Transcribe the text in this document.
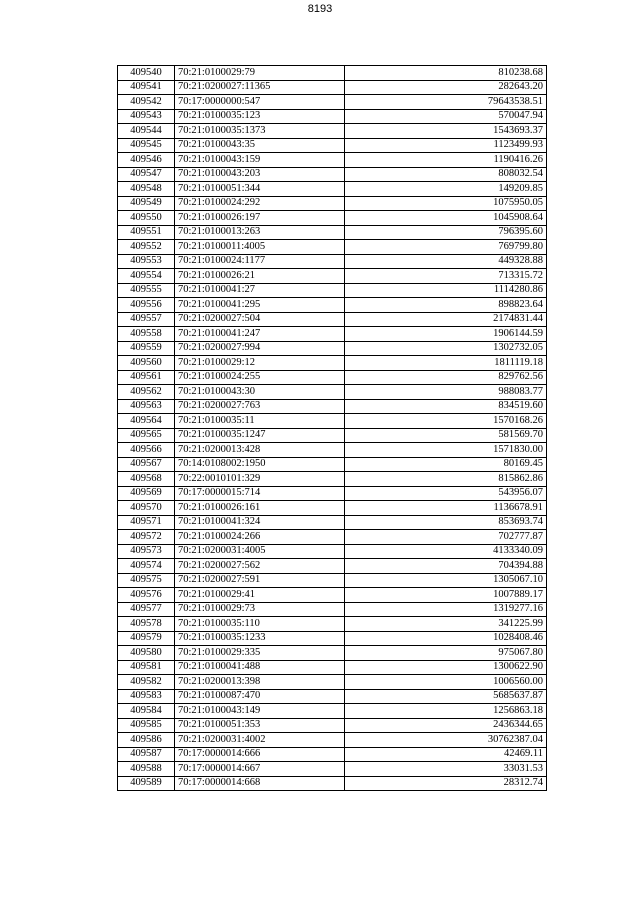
8193
409540	70:21:0100029:79	810238.68
409541	70:21:0200027:11365	282643.20
409542	70:17:0000000:547	79643538.51
409543	70:21:0100035:123	570047.94
409544	70:21:0100035:1373	1543693.37
409545	70:21:0100043:35	1123499.93
409546	70:21:0100043:159	1190416.26
409547	70:21:0100043:203	808032.54
409548	70:21:0100051:344	149209.85
409549	70:21:0100024:292	1075950.05
409550	70:21:0100026:197	1045908.64
409551	70:21:0100013:263	796395.60
409552	70:21:0100011:4005	769799.80
409553	70:21:0100024:1177	449328.88
409554	70:21:0100026:21	713315.72
409555	70:21:0100041:27	1114280.86
409556	70:21:0100041:295	898823.64
409557	70:21:0200027:504	2174831.44
409558	70:21:0100041:247	1906144.59
409559	70:21:0200027:994	1302732.05
409560	70:21:0100029:12	1811119.18
409561	70:21:0100024:255	829762.56
409562	70:21:0100043:30	988083.77
409563	70:21:0200027:763	834519.60
409564	70:21:0100035:11	1570168.26
409565	70:21:0100035:1247	581569.70
409566	70:21:0200013:428	1571830.00
409567	70:14:0108002:1950	80169.45
409568	70:22:0010101:329	815862.86
409569	70:17:0000015:714	543956.07
409570	70:21:0100026:161	1136678.91
409571	70:21:0100041:324	853693.74
409572	70:21:0100024:266	702777.87
409573	70:21:0200031:4005	4133340.09
409574	70:21:0200027:562	704394.88
409575	70:21:0200027:591	1305067.10
409576	70:21:0100029:41	1007889.17
409577	70:21:0100029:73	1319277.16
409578	70:21:0100035:110	341225.99
409579	70:21:0100035:1233	1028408.46
409580	70:21:0100029:335	975067.80
409581	70:21:0100041:488	1300622.90
409582	70:21:0200013:398	1006560.00
409583	70:21:0100087:470	5685637.87
409584	70:21:0100043:149	1256863.18
409585	70:21:0100051:353	2436344.65
409586	70:21:0200031:4002	30762387.04
409587	70:17:0000014:666	42469.11
409588	70:17:0000014:667	33031.53
409589	70:17:0000014:668	28312.74
